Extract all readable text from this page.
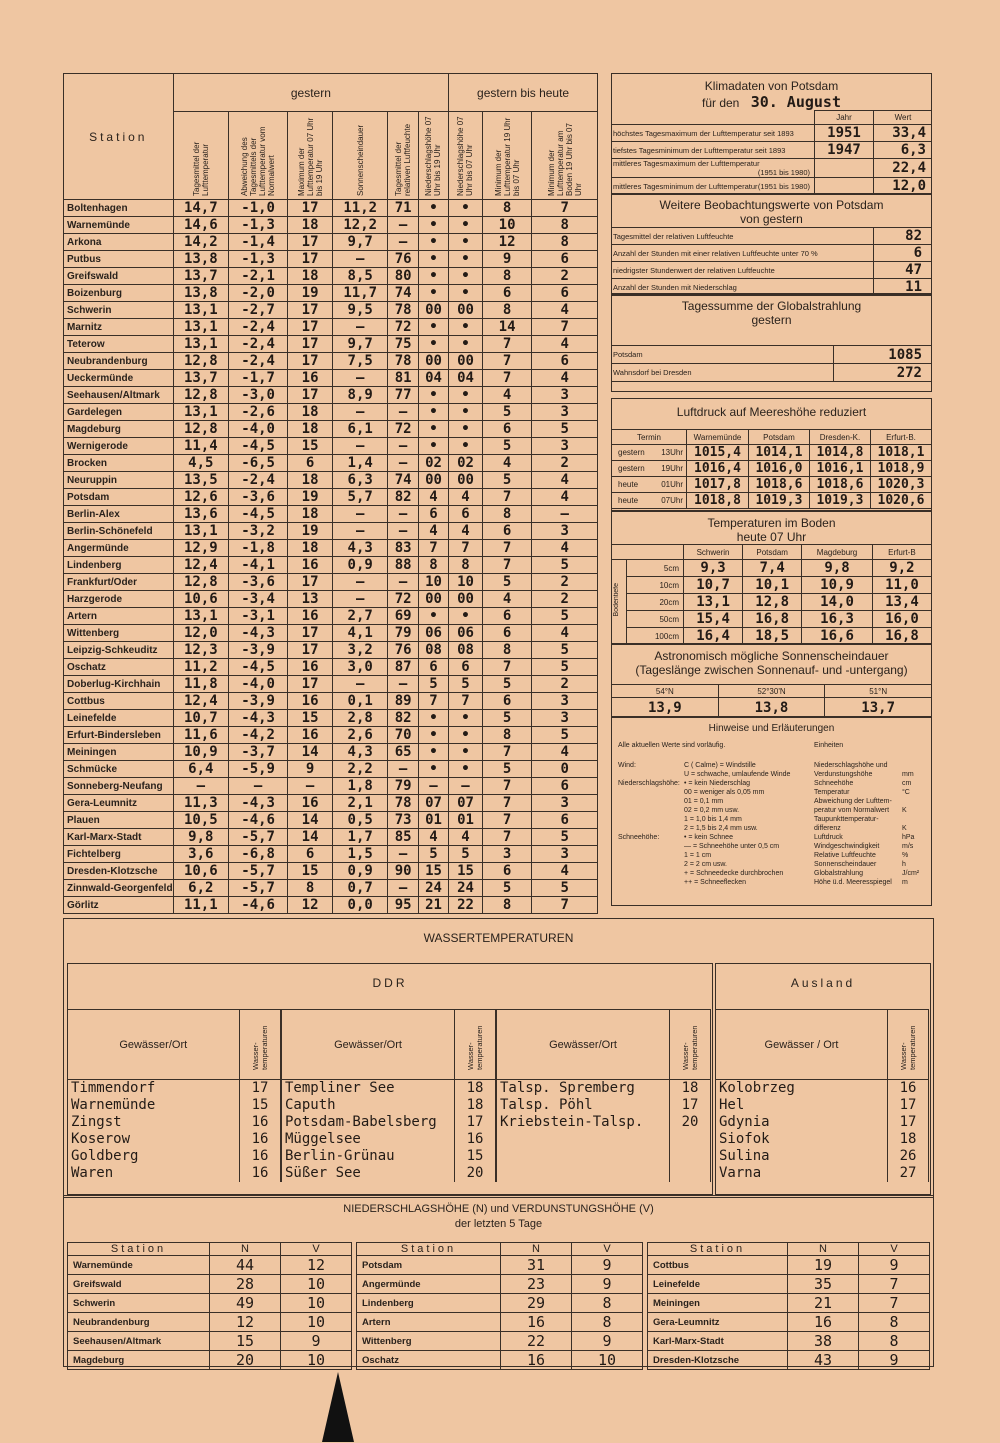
Station	gestern						gestern bis heute		
	Tagesmittel der Lufttemperatur	Abweichung des Tagesmittels der Lufttemperatur vom Normalwert	Maximum der Lufttemperatur 07 Uhr bis 19 Uhr	Sonnenscheindauer	Tagesmittel der relativen Luftfeuchte	Niederschlagshöhe 07 Uhr bis 19 Uhr	Niederschlagshöhe 07 Uhr bis 07 Uhr	Minimum der Lufttemperatur 19 Uhr bis 07 Uhr	Minimum der Lufttemperatur am Boden 19 Uhr bis 07 Uhr
Boltenhagen	14,7	-1,0	17	11,2	71	•	•	8	7
Warnemünde	14,6	-1,3	18	12,2	—	•	•	10	8
Arkona	14,2	-1,4	17	9,7	—	•	•	12	8
Putbus	13,8	-1,3	17	—	76	•	•	9	6
Greifswald	13,7	-2,1	18	8,5	80	•	•	8	2
Boizenburg	13,8	-2,0	19	11,7	74	•	•	6	6
Schwerin	13,1	-2,7	17	9,5	78	00	00	8	4
Marnitz	13,1	-2,4	17	—	72	•	•	14	7
Teterow	13,1	-2,4	17	9,7	75	•	•	7	4
Neubrandenburg	12,8	-2,4	17	7,5	78	00	00	7	6
Ueckermünde	13,7	-1,7	16	—	81	04	04	7	4
Seehausen/Altmark	12,8	-3,0	17	8,9	77	•	•	4	3
Gardelegen	13,1	-2,6	18	—	—	•	•	5	3
Magdeburg	12,8	-4,0	18	6,1	72	•	•	6	5
Wernigerode	11,4	-4,5	15	—	—	•	•	5	3
Brocken	4,5	-6,5	6	1,4	—	02	02	4	2
Neuruppin	13,5	-2,4	18	6,3	74	00	00	5	4
Potsdam	12,6	-3,6	19	5,7	82	4	4	7	4
Berlin-Alex	13,6	-4,5	18	—	—	6	6	8	—
Berlin-Schönefeld	13,1	-3,2	19	—	—	4	4	6	3
Angermünde	12,9	-1,8	18	4,3	83	7	7	7	4
Lindenberg	12,4	-4,1	16	0,9	88	8	8	7	5
Frankfurt/Oder	12,8	-3,6	17	—	—	10	10	5	2
Harzgerode	10,6	-3,4	13	—	72	00	00	4	2
Artern	13,1	-3,1	16	2,7	69	•	•	6	5
Wittenberg	12,0	-4,3	17	4,1	79	06	06	6	4
Leipzig-Schkeuditz	12,3	-3,9	17	3,2	76	08	08	8	5
Oschatz	11,2	-4,5	16	3,0	87	6	6	7	5
Doberlug-Kirchhain	11,8	-4,0	17	—	—	5	5	5	2
Cottbus	12,4	-3,9	16	0,1	89	7	7	6	3
Leinefelde	10,7	-4,3	15	2,8	82	•	•	5	3
Erfurt-Bindersleben	11,6	-4,2	16	2,6	70	•	•	8	5
Meiningen	10,9	-3,7	14	4,3	65	•	•	7	4
Schmücke	6,4	-5,9	9	2,2	—	•	•	5	0
Sonneberg-Neufang	—	—	—	1,8	79	—	—	7	6
Gera-Leumnitz	11,3	-4,3	16	2,1	78	07	07	7	3
Plauen	10,5	-4,6	14	0,5	73	01	01	7	6
Karl-Marx-Stadt	9,8	-5,7	14	1,7	85	4	4	7	5
Fichtelberg	3,6	-6,8	6	1,5	—	5	5	3	3
Dresden-Klotzsche	10,6	-5,7	15	0,9	90	15	15	6	4
Zinnwald-Georgenfeld	6,2	-5,7	8	0,7	—	24	24	5	5
Görlitz	11,1	-4,6	12	0,0	95	21	22	8	7
Klimadaten von Potsdam
für den 30. August
	Jahr	Wert
höchstes Tagesmaximum der Lufttemperatur seit 1893	1951	33,4
tiefstes Tagesminimum der Lufttemperatur seit 1893	1947	6,3
mittleres Tagesmaximum der Lufttemperatur
(1951 bis 1980)		22,4
mittleres Tagesminimum der Lufttemperatur (1951 bis 1980)		12,0
Weitere Beobachtungswerte von Potsdam
von gestern
Tagesmittel der relativen Luftfeuchte	82
Anzahl der Stunden mit einer relativen Luftfeuchte unter 70 %	6
niedrigster Stundenwert der relativen Luftfeuchte	47
Anzahl der Stunden mit Niederschlag	11
Tagessumme der Globalstrahlung
gestern
Potsdam	1085
Wahnsdorf bei Dresden	272
Luftdruck auf Meereshöhe reduziert
Termin	Warnemünde	Potsdam	Dresden-K.	Erfurt-B.
gestern 13Uhr	1015,4	1014,1	1014,8	1018,1
gestern 19Uhr	1016,4	1016,0	1016,1	1018,9
heute 01Uhr	1017,8	1018,6	1018,6	1020,3
heute 07Uhr	1018,8	1019,3	1019,3	1020,6
Temperaturen im Boden
heute 07 Uhr
		Schwerin	Potsdam	Magdeburg	Erfurt-B
Bodentiefe	5cm	9,3	7,4	9,8	9,2
	10cm	10,7	10,1	10,9	11,0
	20cm	13,1	12,8	14,0	13,4
	50cm	15,4	16,8	16,3	16,0
	100cm	16,4	18,5	16,6	16,8
Astronomisch mögliche Sonnenscheindauer
(Tageslänge zwischen Sonnenauf- und -untergang)
54°N	52°30'N	51°N
13,9	13,8	13,7
Hinweise und Erläuterungen
Alle aktuellen Werte sind vorläufig.	Einheiten
Wind:	C ( Calme) = Windstille
U = schwache, umlaufende Winde
Niederschlagshöhe: • = kein Niederschlag
00 = weniger als 0,05 mm
01 = 0,1 mm
02 = 0,2 mm usw.
1 = 1,0 bis 1,4 mm
2 = 1,5 bis 2,4 mm usw.
Schneehöhe:	• = kein Schnee
— = Schneehöhe unter 0,5 cm
1 = 1 cm
2 = 2 cm usw.
+ = Schneedecke durchbrochen
++ = Schneeflecken
Niederschlagshöhe und
Verdunstungshöhe	mm
Schneehöhe	cm
Temperatur	°C
Abweichung der Lufttem-
peratur vom Normalwert K
Taupunkttemperatur-
differenz	K
Luftdruck	hPa
Windgeschwindigkeit	m/s
Relative Luftfeuchte	%
Sonnenscheindauer	h
Globalstrahlung	J/cm²
Höhe ü.d. Meeresspiegel m
WASSERTEMPERATUREN
DDR	Ausland
Gewässer/Ort	Wasser-temperaturen
Timmendorf	17
Warnemünde	15
Zingst	16
Koserow	16
Goldberg	16
Waren	16
Gewässer/Ort	Wasser-temperaturen
Templiner See	18
Caputh	18
Potsdam-Babelsberg	17
Müggelsee	16
Berlin-Grünau	15
Süßer See	20
Gewässer/Ort	Wasser-temperaturen
Talsp. Spremberg	18
Talsp. Pöhl	17
Kriebstein-Talsp.	20

Gewässer / Ort	Wasser-temperaturen
Kolobrzeg	16
Hel	17
Gdynia	17
Siofok	18
Sulina	26
Varna	27
NIEDERSCHLAGSHÖHE (N) und VERDUNSTUNGSHÖHE (V)
der letzten 5 Tage
Station	N	V
Warnemünde	44	12
Greifswald	28	10
Schwerin	49	10
Neubrandenburg	12	10
Seehausen/Altmark	15	9
Magdeburg	20	10
Station	N	V
Potsdam	31	9
Angermünde	23	9
Lindenberg	29	8
Artern	16	8
Wittenberg	22	9
Oschatz	16	10
Station	N	V
Cottbus	19	9
Leinefelde	35	7
Meiningen	21	7
Gera-Leumnitz	16	8
Karl-Marx-Stadt	38	8
Dresden-Klotzsche	43	9
